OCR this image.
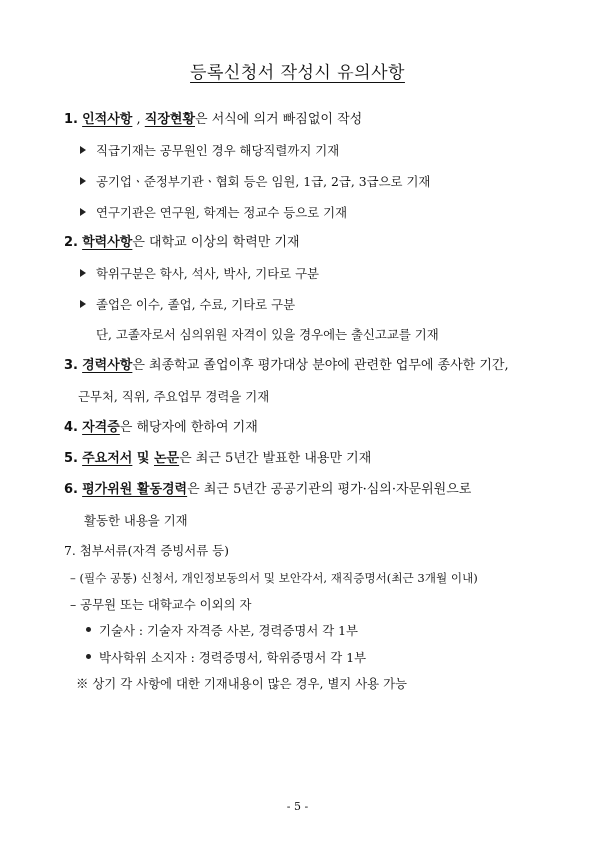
등록신청서 작성시 유의사항
1. 인적사항 , 직장현황은 서식에 의거 빠짐없이 작성
직급기재는 공무원인 경우 해당직렬까지 기재
공기업ㆍ준정부기관ㆍ협회 등은 임원, 1급, 2급, 3급으로 기재
연구기관은 연구원, 학계는 정교수 등으로 기재
2. 학력사항은 대학교 이상의 학력만 기재
학위구분은 학사, 석사, 박사, 기타로 구분
졸업은 이수, 졸업, 수료, 기타로 구분
단, 고졸자로서 심의위원 자격이 있을 경우에는 출신고교를 기재
3. 경력사항은 최종학교 졸업이후 평가대상 분야에 관련한 업무에 종사한 기간,
근무처, 직위, 주요업무 경력을 기재
4. 자격증은 해당자에 한하여 기재
5. 주요저서 및 논문은 최근 5년간 발표한 내용만 기재
6. 평가위원 활동경력은 최근 5년간 공공기관의 평가·심의·자문위원으로
활동한 내용을 기재
7. 첨부서류(자격 증빙서류 등)
– (필수 공통) 신청서, 개인정보동의서 및 보안각서, 재직증명서(최근 3개월 이내)
– 공무원 또는 대학교수 이외의 자
기술사 : 기술자 자격증 사본, 경력증명서 각 1부
박사학위 소지자 : 경력증명서, 학위증명서 각 1부
※ 상기 각 사항에 대한 기재내용이 많은 경우, 별지 사용 가능
- 5 -
